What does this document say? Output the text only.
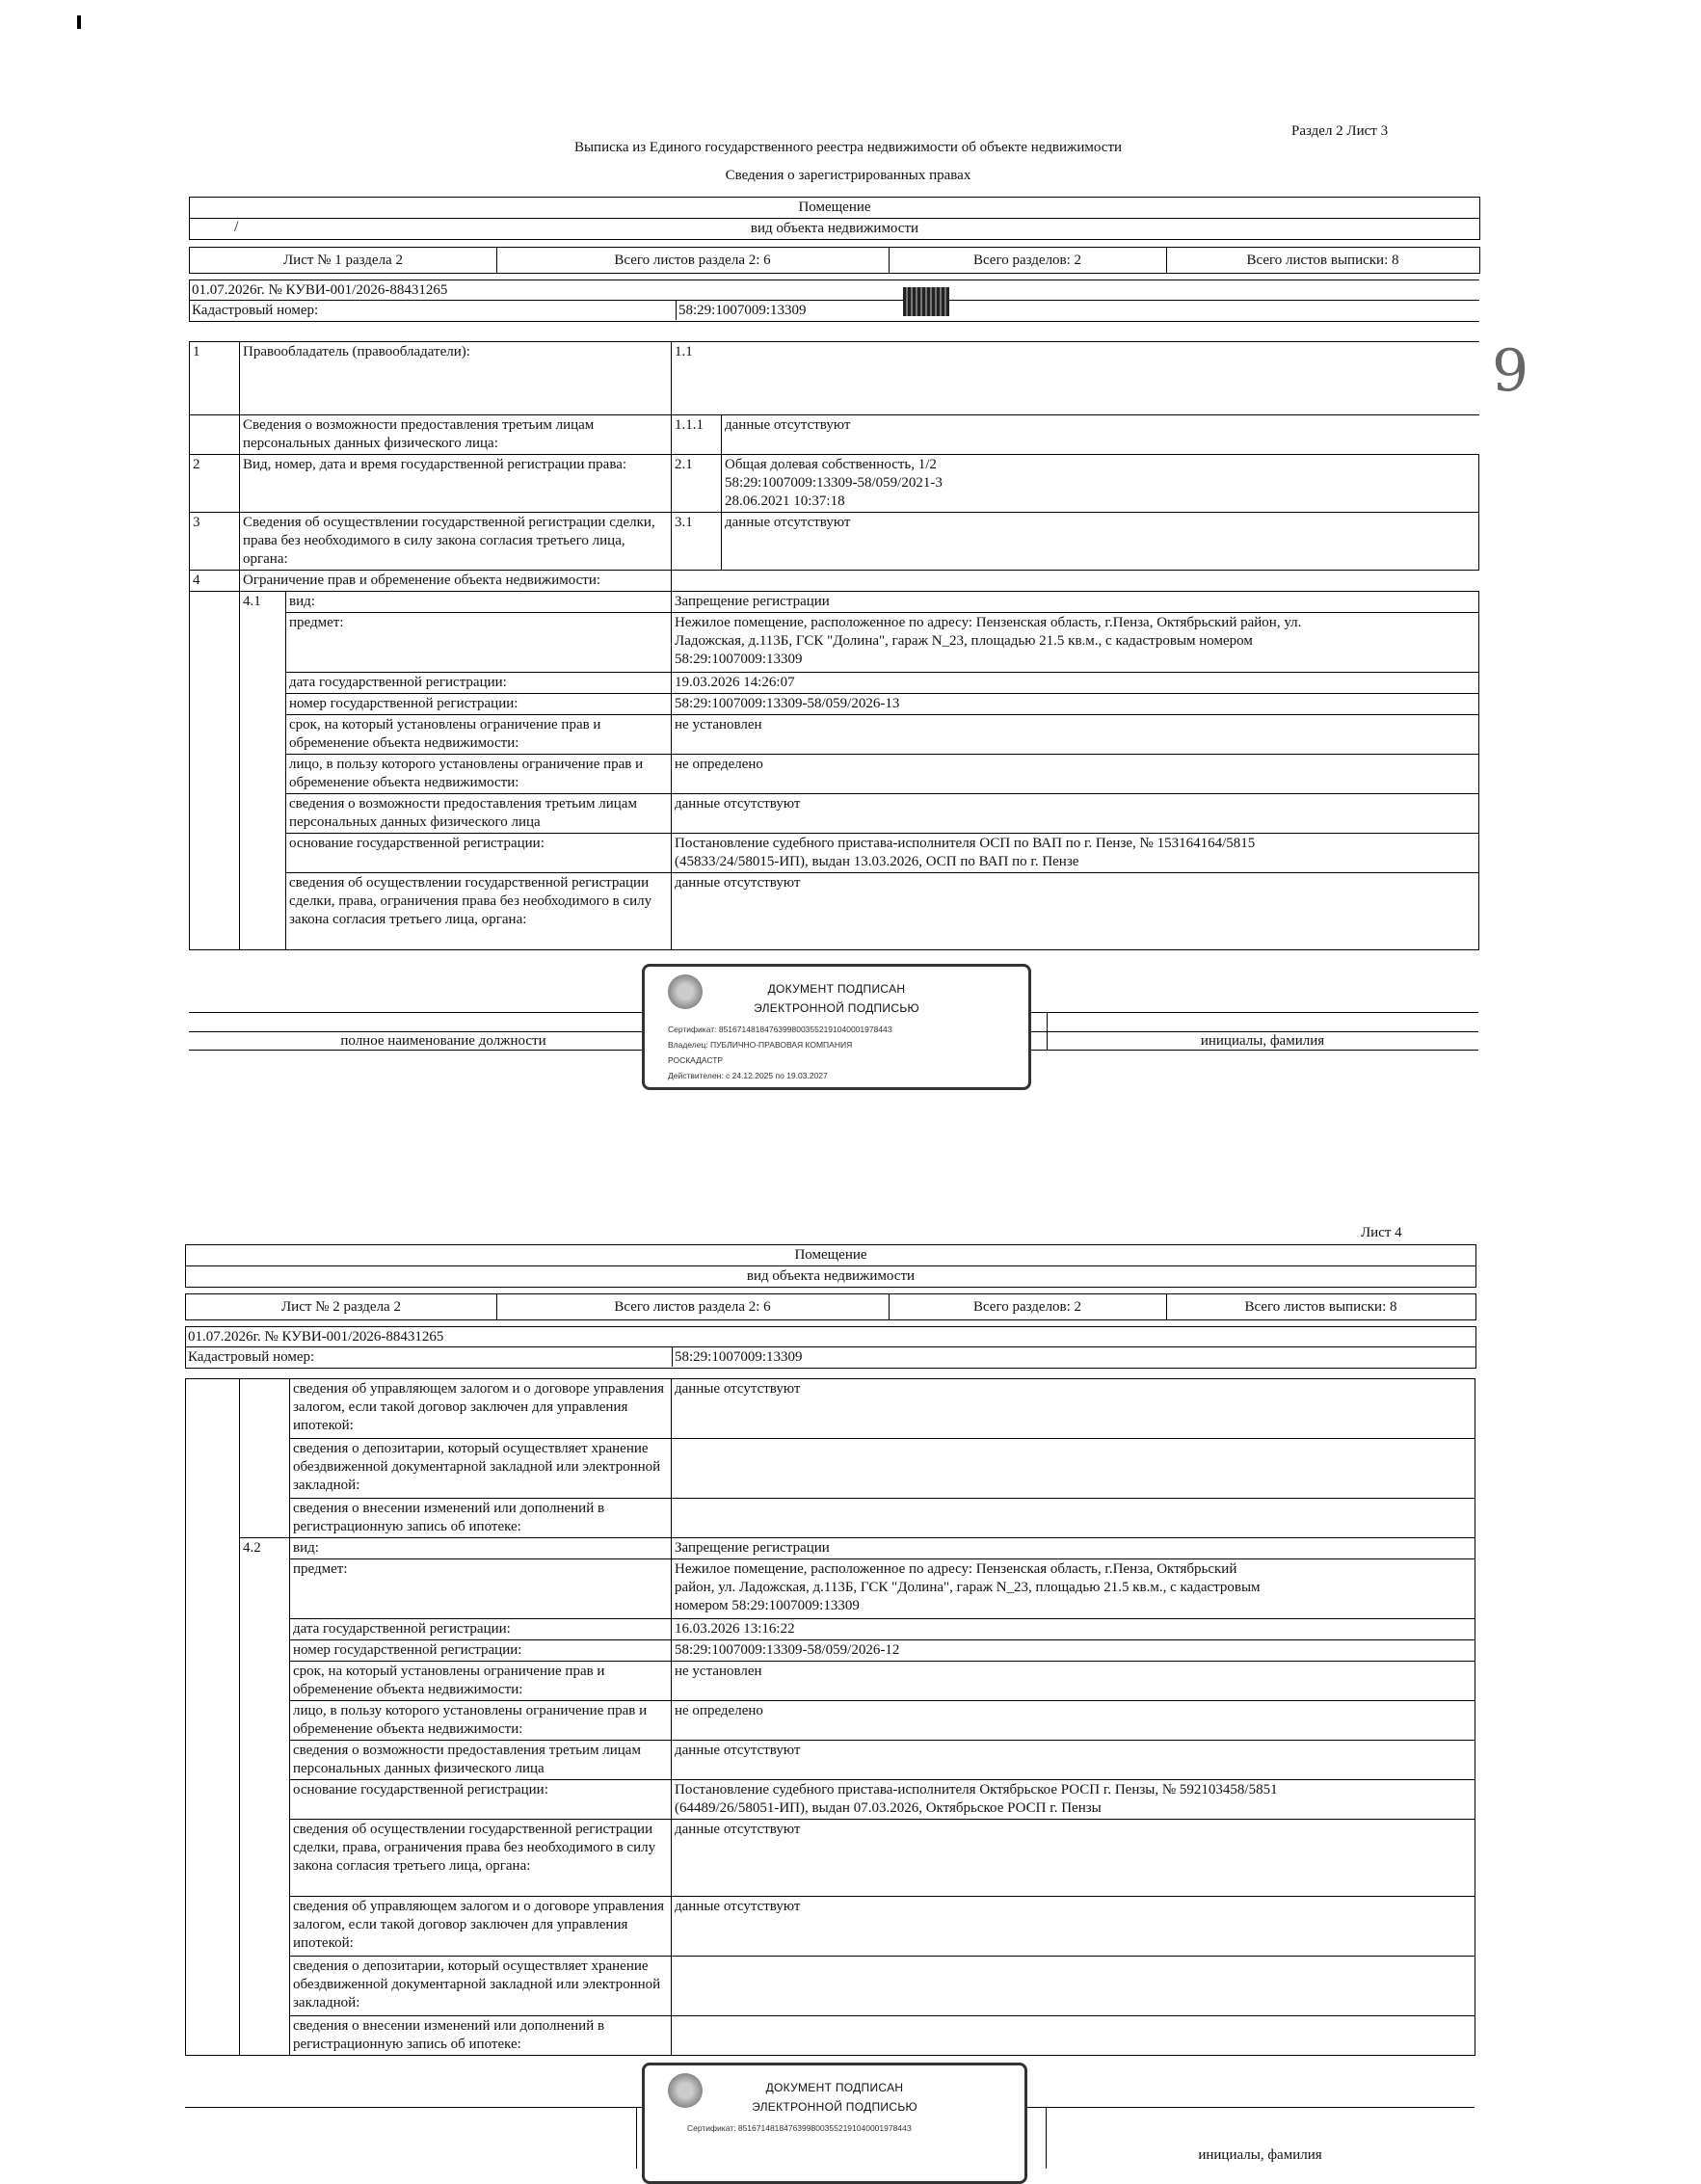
Раздел 2 Лист 3
Выписка из Единого государственного реестра недвижимости об объекте недвижимости
Сведения о зарегистрированных правах
Помещение
вид объекта недвижимости
/
Лист № 1 раздела 2	Всего листов раздела 2: 6	Всего разделов: 2	Всего листов выписки: 8
01.07.2026г. № КУВИ-001/2026-88431265
Кадастровый номер:	58:29:1007009:13309
9
1	Правообладатель (правообладатели):		1.1	
	Сведения о возможности предоставления третьим лицам персональных данных физического лица:		1.1.1	данные отсутствуют
2	Вид, номер, дата и время государственной регистрации права:		2.1	Общая долевая собственность, 1/2
58:29:1007009:13309-58/059/2021-3
28.06.2021 10:37:18

3	Сведения об осуществлении государственной регистрации сделки, права без необходимого в силу закона согласия третьего лица, органа:		3.1	данные отсутствуют
4	Ограничение прав и обременение объекта недвижимости:			
	4.1	вид:	Запрещение регистрации	
		предмет:	Нежилое помещение, расположенное по адресу: Пензенская область, г.Пенза, Октябрьский район, ул. Ладожская, д.113Б, ГСК "Долина", гараж N_23, площадью 21.5 кв.м., с кадастровым номером 58:29:1007009:13309	
		дата государственной регистрации:	19.03.2026 14:26:07	
		номер государственной регистрации:	58:29:1007009:13309-58/059/2026-13	
		срок, на который установлены ограничение прав и обременение объекта недвижимости:	не установлен	
		лицо, в пользу которого установлены ограничение прав и обременение объекта недвижимости:	не определено	
		сведения о возможности предоставления третьим лицам персональных данных физического лица	данные отсутствуют	
		основание государственной регистрации:	Постановление судебного пристава-исполнителя ОСП по ВАП по г. Пензе, № 153164164/5815 (45833/24/58015-ИП), выдан 13.03.2026, ОСП по ВАП по г. Пензе	
		сведения об осуществлении государственной регистрации сделки, права, ограничения права без необходимого в силу закона согласия третьего лица, органа:	данные отсутствуют	
полное наименование должности	инициалы, фамилия
ДОКУМЕНТ ПОДПИСАН
ЭЛЕКТРОННОЙ ПОДПИСЬЮ
Сертификат: 8516714818476399800355219104000197844З
Владелец: ПУБЛИЧНО-ПРАВОВАЯ КОМПАНИЯ
РОСКАДАСТР
Действителен: с 24.12.2025 по 19.03.2027
Лист 4
Помещение
вид объекта недвижимости
Лист № 2 раздела 2	Всего листов раздела 2: 6	Всего разделов: 2	Всего листов выписки: 8
01.07.2026г. № КУВИ-001/2026-88431265
Кадастровый номер:	58:29:1007009:13309
		сведения об управляющем залогом и о договоре управления залогом, если такой договор заключен для управления ипотекой:	данные отсутствуют
		сведения о депозитарии, который осуществляет хранение обездвиженной документарной закладной или электронной закладной:	
		сведения о внесении изменений или дополнений в регистрационную запись об ипотеке:	
	4.2	вид:	Запрещение регистрации
		предмет:	Нежилое помещение, расположенное по адресу: Пензенская область, г.Пенза, Октябрьский район, ул. Ладожская, д.113Б, ГСК "Долина", гараж N_23, площадью 21.5 кв.м., с кадастровым номером 58:29:1007009:13309
		дата государственной регистрации:	16.03.2026 13:16:22
		номер государственной регистрации:	58:29:1007009:13309-58/059/2026-12
		срок, на который установлены ограничение прав и обременение объекта недвижимости:	не установлен
		лицо, в пользу которого установлены ограничение прав и обременение объекта недвижимости:	не определено
		сведения о возможности предоставления третьим лицам персональных данных физического лица	данные отсутствуют
		основание государственной регистрации:	Постановление судебного пристава-исполнителя Октябрьское РОСП г. Пензы, № 592103458/5851 (64489/26/58051-ИП), выдан 07.03.2026, Октябрьское РОСП г. Пензы
		сведения об осуществлении государственной регистрации сделки, права, ограничения права без необходимого в силу закона согласия третьего лица, органа:	данные отсутствуют
		сведения об управляющем залогом и о договоре управления залогом, если такой договор заключен для управления ипотекой:	данные отсутствуют
		сведения о депозитарии, который осуществляет хранение обездвиженной документарной закладной или электронной закладной:	
		сведения о внесении изменений или дополнений в регистрационную запись об ипотеке:	
инициалы, фамилия
ДОКУМЕНТ ПОДПИСАН
ЭЛЕКТРОННОЙ ПОДПИСЬЮ
Сертификат: 8516714818476399800355219104000197844З
